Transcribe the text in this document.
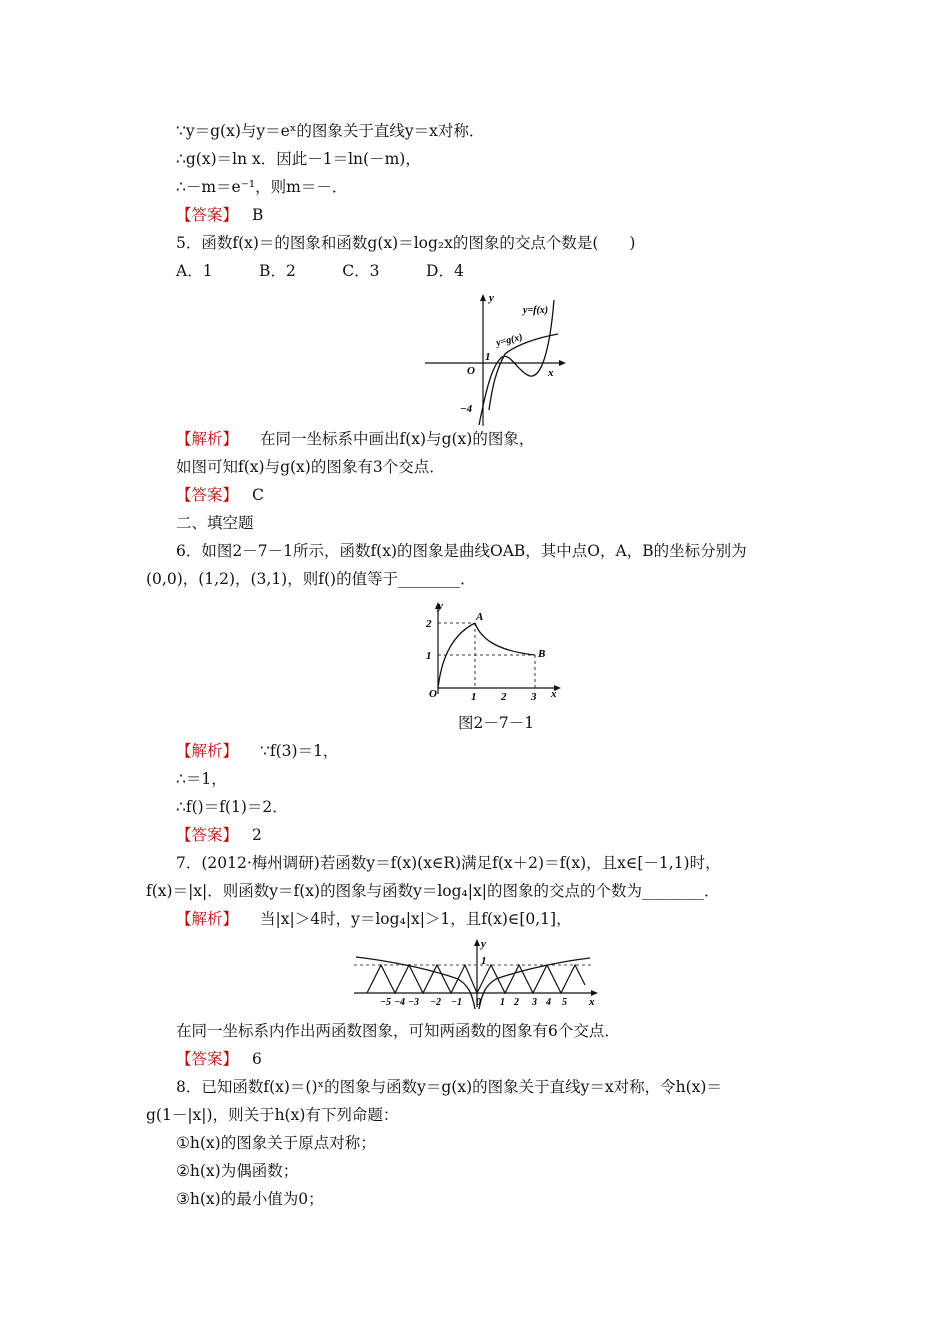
∵y＝g(x)与y＝eˣ的图象关于直线y＝x对称．
∴g(x)＝ln x．因此－1＝ln(－m)，
∴－m＝e⁻¹，则m＝－．
【答案】 B
5．函数f(x)＝的图象和函数g(x)＝log₂x的图象的交点个数是(　　)
A．1　　　B．2　　　C．3　　　D．4
y
x
O
1
−4
y=f(x)
y=g(x)
【解析】 在同一坐标系中画出f(x)与g(x)的图象，
如图可知f(x)与g(x)的图象有3个交点．
【答案】 C
二、填空题
6．如图2－7－1所示，函数f(x)的图象是曲线OAB，其中点O，A，B的坐标分别为
(0,0)，(1,2)，(3,1)，则f()的值等于________．
y
x
O
2
1
1 2 3
A
B
图2－7－1
【解析】 ∵f(3)＝1，
∴＝1，
∴f()＝f(1)＝2．
【答案】 2
7．(2012·梅州调研)若函数y＝f(x)(x∈R)满足f(x＋2)＝f(x)，且x∈[－1,1)时，
f(x)＝|x|．则函数y＝f(x)的图象与函数y＝log₄|x|的图象的交点的个数为________．
【解析】 当|x|＞4时，y＝log₄|x|＞1，且f(x)∈[0,1]，
y
x
1
0
−5 −4 −3 −2 −1	1 2 3 4 5
在同一坐标系内作出两函数图象，可知两函数的图象有6个交点．
【答案】 6
8．已知函数f(x)＝()ˣ的图象与函数y＝g(x)的图象关于直线y＝x对称，令h(x)＝
g(1－|x|)，则关于h(x)有下列命题：
①h(x)的图象关于原点对称；
②h(x)为偶函数；
③h(x)的最小值为0；
